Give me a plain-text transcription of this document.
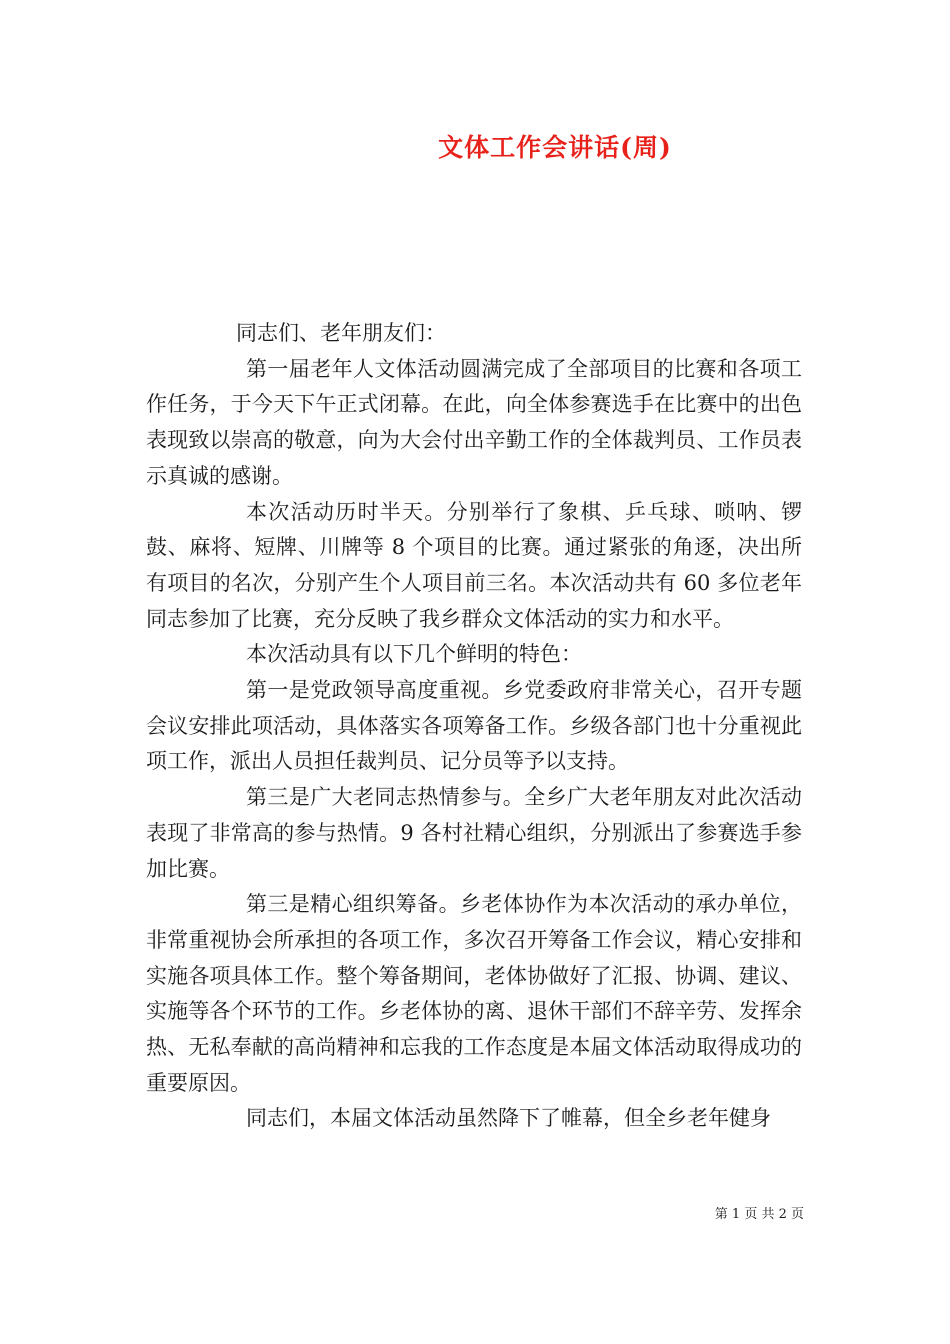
文体工作会讲话(周)

同志们、老年朋友们：

第一届老年人文体活动圆满完成了全部项目的比赛和各项工作任务，于今天下午正式闭幕。在此，向全体参赛选手在比赛中的出色表现致以崇高的敬意，向为大会付出辛勤工作的全体裁判员、工作员表示真诚的感谢。

本次活动历时半天。分别举行了象棋、乒乓球、唢呐、锣鼓、麻将、短牌、川牌等 8 个项目的比赛。通过紧张的角逐，决出所有项目的名次，分别产生个人项目前三名。本次活动共有 60 多位老年同志参加了比赛，充分反映了我乡群众文体活动的实力和水平。

本次活动具有以下几个鲜明的特色：

第一是党政领导高度重视。乡党委政府非常关心，召开专题会议安排此项活动，具体落实各项筹备工作。乡级各部门也十分重视此项工作，派出人员担任裁判员、记分员等予以支持。

第三是广大老同志热情参与。全乡广大老年朋友对此次活动表现了非常高的参与热情。9 各村社精心组织，分别派出了参赛选手参加比赛。

第三是精心组织筹备。乡老体协作为本次活动的承办单位，非常重视协会所承担的各项工作，多次召开筹备工作会议，精心安排和实施各项具体工作。整个筹备期间，老体协做好了汇报、协调、建议、实施等各个环节的工作。乡老体协的离、退休干部们不辞辛劳、发挥余热、无私奉献的高尚精神和忘我的工作态度是本届文体活动取得成功的重要原因。

同志们，本届文体活动虽然降下了帷幕，但全乡老年健身

第 1 页 共 2 页
